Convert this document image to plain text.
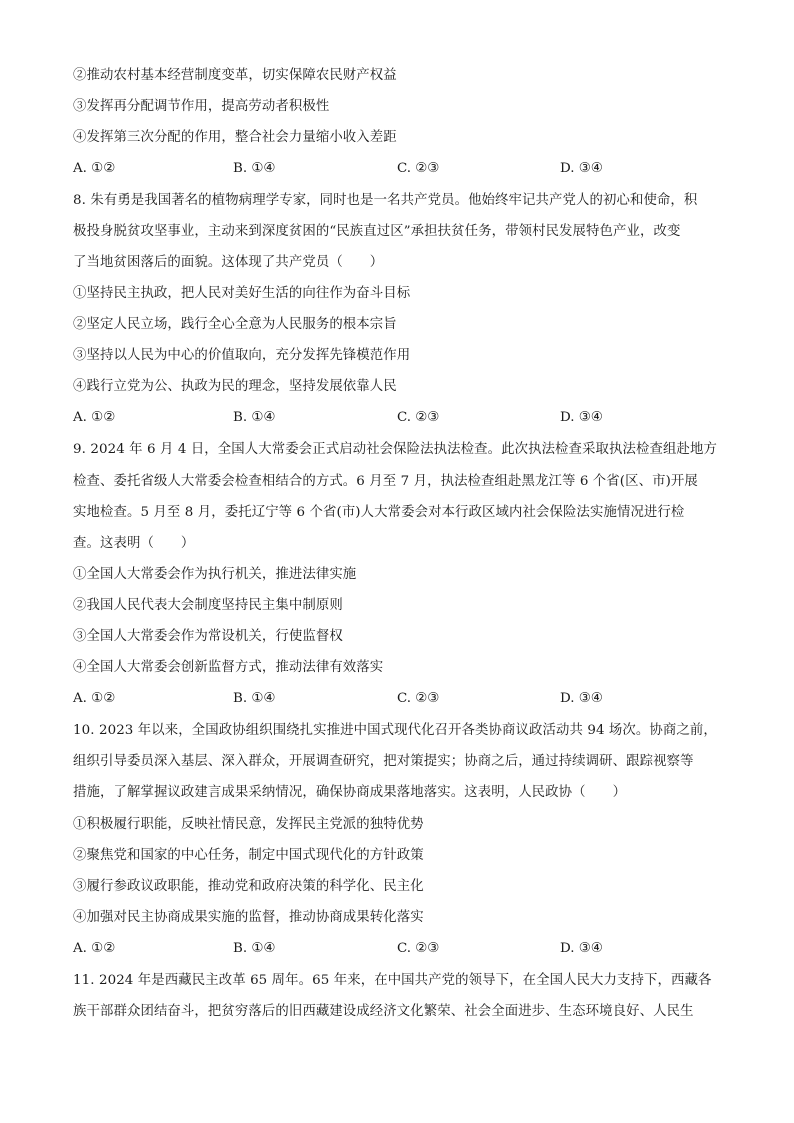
②推动农村基本经营制度变革，切实保障农民财产权益
③发挥再分配调节作用，提高劳动者积极性
④发挥第三次分配的作用，整合社会力量缩小收入差距
A. ①②	B. ①④	C. ②③	D. ③④
8. 朱有勇是我国著名的植物病理学专家，同时也是一名共产党员。他始终牢记共产党人的初心和使命，积
极投身脱贫攻坚事业，主动来到深度贫困的“民族直过区”承担扶贫任务，带领村民发展特色产业，改变
了当地贫困落后的面貌。这体现了共产党员（　　）
①坚持民主执政，把人民对美好生活的向往作为奋斗目标
②坚定人民立场，践行全心全意为人民服务的根本宗旨
③坚持以人民为中心的价值取向，充分发挥先锋模范作用
④践行立党为公、执政为民的理念，坚持发展依靠人民
A. ①②	B. ①④	C. ②③	D. ③④
9. 2024 年 6 月 4 日，全国人大常委会正式启动社会保险法执法检查。此次执法检查采取执法检查组赴地方
检查、委托省级人大常委会检查相结合的方式。6 月至 7 月，执法检查组赴黑龙江等 6 个省(区、市)开展
实地检查。5 月至 8 月，委托辽宁等 6 个省(市)人大常委会对本行政区域内社会保险法实施情况进行检
查。这表明（　　）
①全国人大常委会作为执行机关，推进法律实施
②我国人民代表大会制度坚持民主集中制原则
③全国人大常委会作为常设机关，行使监督权
④全国人大常委会创新监督方式，推动法律有效落实
A. ①②	B. ①④	C. ②③	D. ③④
10. 2023 年以来，全国政协组织围绕扎实推进中国式现代化召开各类协商议政活动共 94 场次。协商之前，
组织引导委员深入基层、深入群众，开展调查研究，把对策提实；协商之后，通过持续调研、跟踪视察等
措施，了解掌握议政建言成果采纳情况，确保协商成果落地落实。这表明，人民政协（　　）
①积极履行职能，反映社情民意，发挥民主党派的独特优势
②聚焦党和国家的中心任务，制定中国式现代化的方针政策
③履行参政议政职能，推动党和政府决策的科学化、民主化
④加强对民主协商成果实施的监督，推动协商成果转化落实
A. ①②	B. ①④	C. ②③	D. ③④
11. 2024 年是西藏民主改革 65 周年。65 年来，在中国共产党的领导下，在全国人民大力支持下，西藏各
族干部群众团结奋斗，把贫穷落后的旧西藏建设成经济文化繁荣、社会全面进步、生态环境良好、人民生
